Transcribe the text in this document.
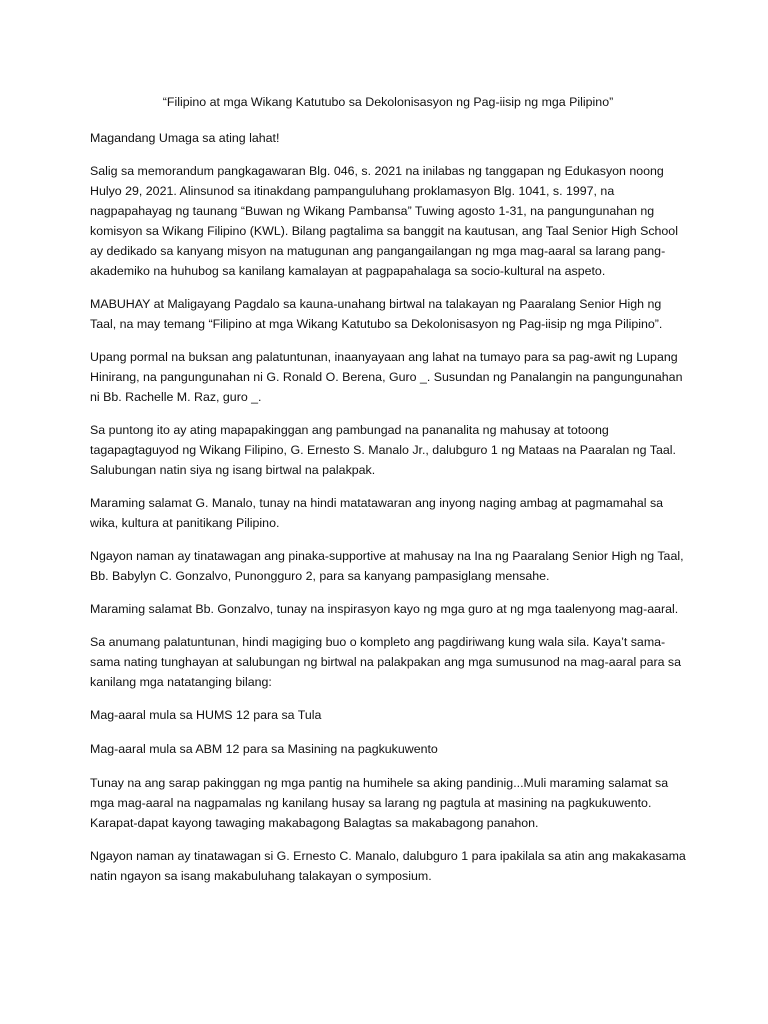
“Filipino at mga Wikang Katutubo sa Dekolonisasyon ng Pag-iisip ng mga Pilipino”

Magandang Umaga sa ating lahat!

Salig sa memorandum pangkagawaran Blg. 046, s. 2021 na inilabas ng tanggapan ng Edukasyon noong Hulyo 29, 2021. Alinsunod sa itinakdang pampanguluhang proklamasyon Blg. 1041, s. 1997, na nagpapahayag ng taunang “Buwan ng Wikang Pambansa” Tuwing agosto 1-31, na pangungunahan ng komisyon sa Wikang Filipino (KWL). Bilang pagtalima sa banggit na kautusan, ang Taal Senior High School ay dedikado sa kanyang misyon na matugunan ang pangangailangan ng mga mag-aaral sa larang pang-akademiko na huhubog sa kanilang kamalayan at pagpapahalaga sa socio-kultural na aspeto.

MABUHAY at Maligayang Pagdalo sa kauna-unahang birtwal na talakayan ng Paaralang Senior High ng Taal, na may temang “Filipino at mga Wikang Katutubo sa Dekolonisasyon ng Pag-iisip ng mga Pilipino”.

Upang pormal na buksan ang palatuntunan, inaanyayaan ang lahat na tumayo para sa pag-awit ng Lupang Hinirang, na pangungunahan ni G. Ronald O. Berena, Guro _. Susundan ng Panalangin na pangungunahan ni Bb. Rachelle M. Raz, guro _.

Sa puntong ito ay ating mapapakinggan ang pambungad na pananalita ng mahusay at totoong tagapagtaguyod ng Wikang Filipino, G. Ernesto S. Manalo Jr., dalubguro 1 ng Mataas na Paaralan ng Taal. Salubungan natin siya ng isang birtwal na palakpak.

Maraming salamat G. Manalo, tunay na hindi matatawaran ang inyong naging ambag at pagmamahal sa wika, kultura at panitikang Pilipino.

Ngayon naman ay tinatawagan ang pinaka-supportive at mahusay na Ina ng Paaralang Senior High ng Taal, Bb. Babylyn C. Gonzalvo, Punongguro 2, para sa kanyang pampasiglang mensahe.

Maraming salamat Bb. Gonzalvo, tunay na inspirasyon kayo ng mga guro at ng mga taalenyong mag-aaral.

Sa anumang palatuntunan, hindi magiging buo o kompleto ang pagdiriwang kung wala sila. Kaya’t sama-sama nating tunghayan at salubungan ng birtwal na palakpakan ang mga sumusunod na mag-aaral para sa kanilang mga natatanging bilang:

Mag-aaral mula sa HUMS 12 para sa Tula

Mag-aaral mula sa ABM 12 para sa Masining na pagkukuwento

Tunay na ang sarap pakinggan ng mga pantig na humihele sa aking pandinig...Muli maraming salamat sa mga mag-aaral na nagpamalas ng kanilang husay sa larang ng pagtula at masining na pagkukuwento. Karapat-dapat kayong tawaging makabagong Balagtas sa makabagong panahon.

Ngayon naman ay tinatawagan si G. Ernesto C. Manalo, dalubguro 1 para ipakilala sa atin ang makakasama natin ngayon sa isang makabuluhang talakayan o symposium.
